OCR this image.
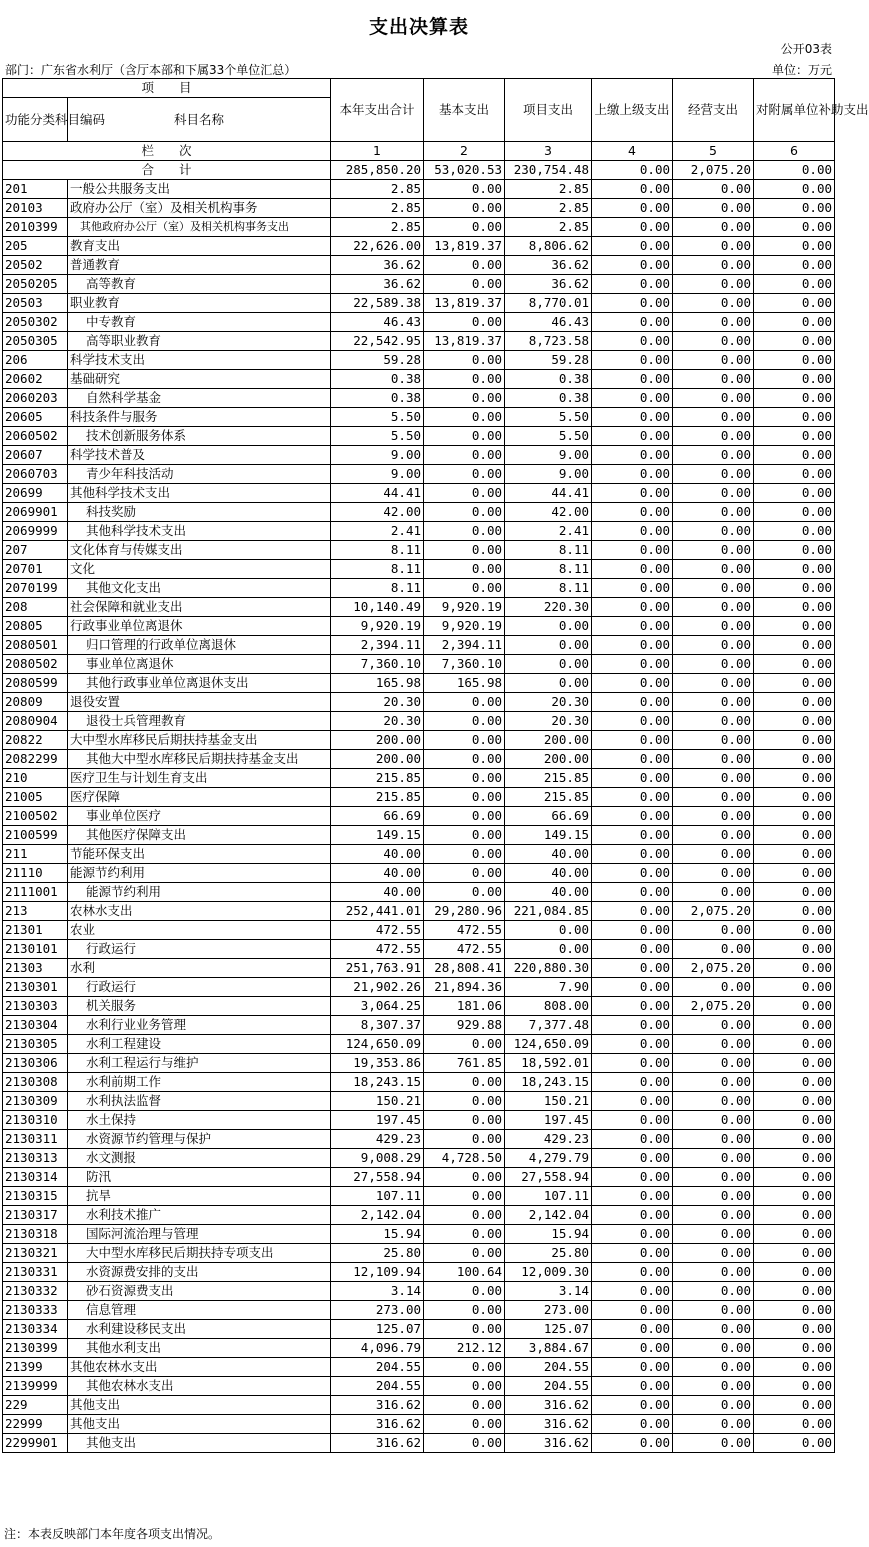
支出决算表
公开03表
部门：广东省水利厅（含厅本部和下属33个单位汇总）	单位：万元
项　　目		本年支出合计	基本支出	项目支出	上缴上级支出	经营支出	对附属单位补助支出
功能分类科目编码	科目名称						
栏　　次		1	2	3	4	5	6
合　　计		285,850.20	53,020.53	230,754.48	0.00	2,075.20	0.00
201	一般公共服务支出	2.85	0.00	2.85	0.00	0.00	0.00
20103	政府办公厅（室）及相关机构事务	2.85	0.00	2.85	0.00	0.00	0.00
2010399	其他政府办公厅（室）及相关机构事务支出	2.85	0.00	2.85	0.00	0.00	0.00
205	教育支出	22,626.00	13,819.37	8,806.62	0.00	0.00	0.00
20502	普通教育	36.62	0.00	36.62	0.00	0.00	0.00
2050205	高等教育	36.62	0.00	36.62	0.00	0.00	0.00
20503	职业教育	22,589.38	13,819.37	8,770.01	0.00	0.00	0.00
2050302	中专教育	46.43	0.00	46.43	0.00	0.00	0.00
2050305	高等职业教育	22,542.95	13,819.37	8,723.58	0.00	0.00	0.00
206	科学技术支出	59.28	0.00	59.28	0.00	0.00	0.00
20602	基础研究	0.38	0.00	0.38	0.00	0.00	0.00
2060203	自然科学基金	0.38	0.00	0.38	0.00	0.00	0.00
20605	科技条件与服务	5.50	0.00	5.50	0.00	0.00	0.00
2060502	技术创新服务体系	5.50	0.00	5.50	0.00	0.00	0.00
20607	科学技术普及	9.00	0.00	9.00	0.00	0.00	0.00
2060703	青少年科技活动	9.00	0.00	9.00	0.00	0.00	0.00
20699	其他科学技术支出	44.41	0.00	44.41	0.00	0.00	0.00
2069901	科技奖励	42.00	0.00	42.00	0.00	0.00	0.00
2069999	其他科学技术支出	2.41	0.00	2.41	0.00	0.00	0.00
207	文化体育与传媒支出	8.11	0.00	8.11	0.00	0.00	0.00
20701	文化	8.11	0.00	8.11	0.00	0.00	0.00
2070199	其他文化支出	8.11	0.00	8.11	0.00	0.00	0.00
208	社会保障和就业支出	10,140.49	9,920.19	220.30	0.00	0.00	0.00
20805	行政事业单位离退休	9,920.19	9,920.19	0.00	0.00	0.00	0.00
2080501	归口管理的行政单位离退休	2,394.11	2,394.11	0.00	0.00	0.00	0.00
2080502	事业单位离退休	7,360.10	7,360.10	0.00	0.00	0.00	0.00
2080599	其他行政事业单位离退休支出	165.98	165.98	0.00	0.00	0.00	0.00
20809	退役安置	20.30	0.00	20.30	0.00	0.00	0.00
2080904	退役士兵管理教育	20.30	0.00	20.30	0.00	0.00	0.00
20822	大中型水库移民后期扶持基金支出	200.00	0.00	200.00	0.00	0.00	0.00
2082299	其他大中型水库移民后期扶持基金支出	200.00	0.00	200.00	0.00	0.00	0.00
210	医疗卫生与计划生育支出	215.85	0.00	215.85	0.00	0.00	0.00
21005	医疗保障	215.85	0.00	215.85	0.00	0.00	0.00
2100502	事业单位医疗	66.69	0.00	66.69	0.00	0.00	0.00
2100599	其他医疗保障支出	149.15	0.00	149.15	0.00	0.00	0.00
211	节能环保支出	40.00	0.00	40.00	0.00	0.00	0.00
21110	能源节约利用	40.00	0.00	40.00	0.00	0.00	0.00
2111001	能源节约利用	40.00	0.00	40.00	0.00	0.00	0.00
213	农林水支出	252,441.01	29,280.96	221,084.85	0.00	2,075.20	0.00
21301	农业	472.55	472.55	0.00	0.00	0.00	0.00
2130101	行政运行	472.55	472.55	0.00	0.00	0.00	0.00
21303	水利	251,763.91	28,808.41	220,880.30	0.00	2,075.20	0.00
2130301	行政运行	21,902.26	21,894.36	7.90	0.00	0.00	0.00
2130303	机关服务	3,064.25	181.06	808.00	0.00	2,075.20	0.00
2130304	水利行业业务管理	8,307.37	929.88	7,377.48	0.00	0.00	0.00
2130305	水利工程建设	124,650.09	0.00	124,650.09	0.00	0.00	0.00
2130306	水利工程运行与维护	19,353.86	761.85	18,592.01	0.00	0.00	0.00
2130308	水利前期工作	18,243.15	0.00	18,243.15	0.00	0.00	0.00
2130309	水利执法监督	150.21	0.00	150.21	0.00	0.00	0.00
2130310	水土保持	197.45	0.00	197.45	0.00	0.00	0.00
2130311	水资源节约管理与保护	429.23	0.00	429.23	0.00	0.00	0.00
2130313	水文测报	9,008.29	4,728.50	4,279.79	0.00	0.00	0.00
2130314	防汛	27,558.94	0.00	27,558.94	0.00	0.00	0.00
2130315	抗旱	107.11	0.00	107.11	0.00	0.00	0.00
2130317	水利技术推广	2,142.04	0.00	2,142.04	0.00	0.00	0.00
2130318	国际河流治理与管理	15.94	0.00	15.94	0.00	0.00	0.00
2130321	大中型水库移民后期扶持专项支出	25.80	0.00	25.80	0.00	0.00	0.00
2130331	水资源费安排的支出	12,109.94	100.64	12,009.30	0.00	0.00	0.00
2130332	砂石资源费支出	3.14	0.00	3.14	0.00	0.00	0.00
2130333	信息管理	273.00	0.00	273.00	0.00	0.00	0.00
2130334	水利建设移民支出	125.07	0.00	125.07	0.00	0.00	0.00
2130399	其他水利支出	4,096.79	212.12	3,884.67	0.00	0.00	0.00
21399	其他农林水支出	204.55	0.00	204.55	0.00	0.00	0.00
2139999	其他农林水支出	204.55	0.00	204.55	0.00	0.00	0.00
229	其他支出	316.62	0.00	316.62	0.00	0.00	0.00
22999	其他支出	316.62	0.00	316.62	0.00	0.00	0.00
2299901	其他支出	316.62	0.00	316.62	0.00	0.00	0.00
注：本表反映部门本年度各项支出情况。
